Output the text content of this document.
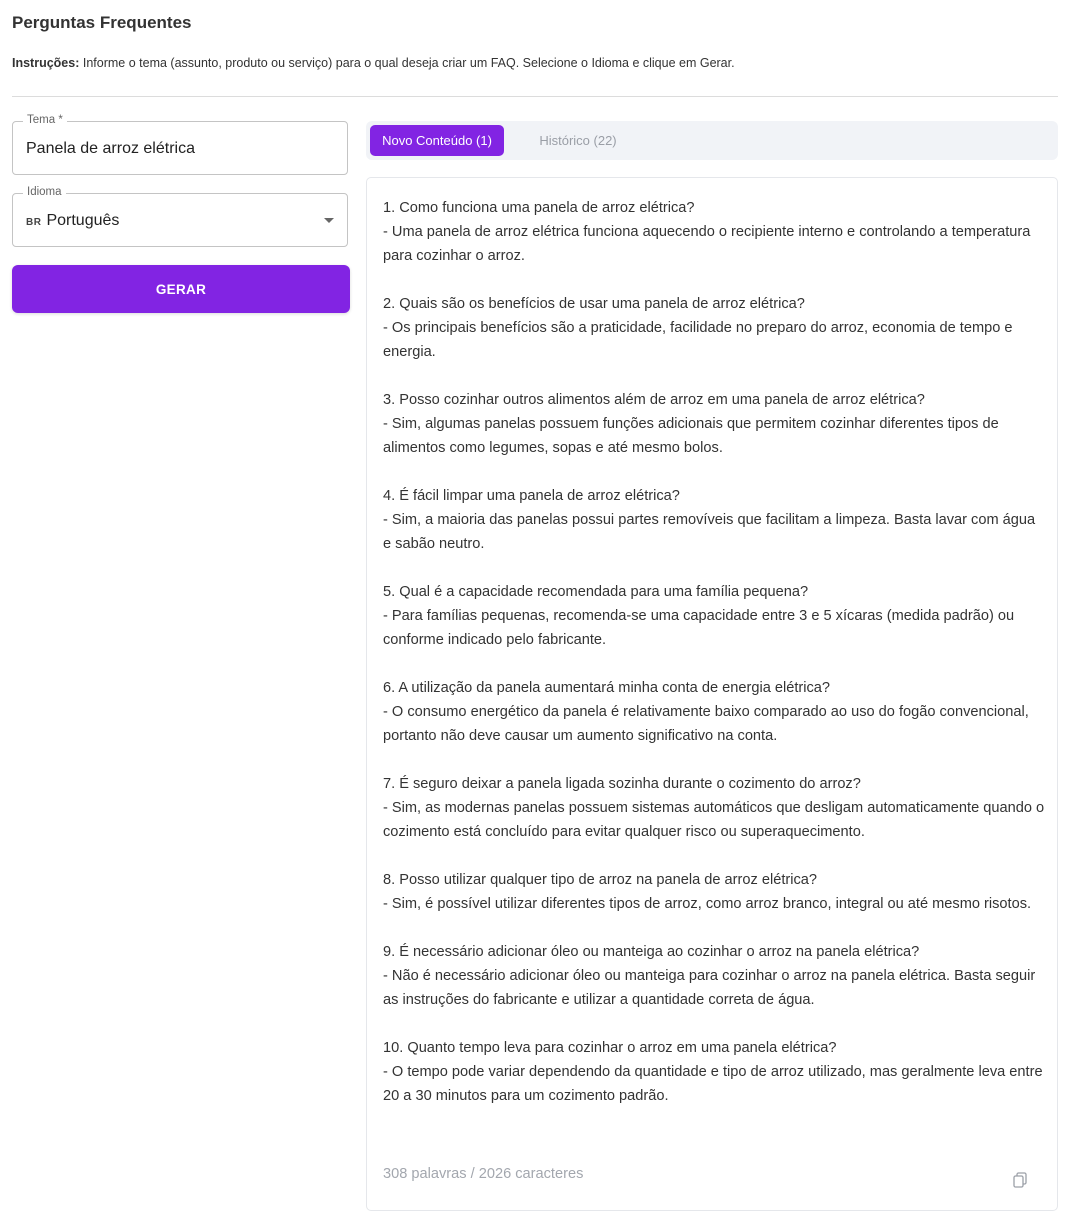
Perguntas Frequentes
Instruções: Informe o tema (assunto, produto ou serviço) para o qual deseja criar um FAQ. Selecione o Idioma e clique em Gerar.
Tema *
Panela de arroz elétrica
Idioma
BR Português
GERAR
Novo Conteúdo (1)	Histórico (22)
1. Como funciona uma panela de arroz elétrica?
- Uma panela de arroz elétrica funciona aquecendo o recipiente interno e controlando a temperatura para cozinhar o arroz.
2. Quais são os benefícios de usar uma panela de arroz elétrica?
- Os principais benefícios são a praticidade, facilidade no preparo do arroz, economia de tempo e energia.
3. Posso cozinhar outros alimentos além de arroz em uma panela de arroz elétrica?
- Sim, algumas panelas possuem funções adicionais que permitem cozinhar diferentes tipos de alimentos como legumes, sopas e até mesmo bolos.
4. É fácil limpar uma panela de arroz elétrica?
- Sim, a maioria das panelas possui partes removíveis que facilitam a limpeza. Basta lavar com água e sabão neutro.
5. Qual é a capacidade recomendada para uma família pequena?
- Para famílias pequenas, recomenda-se uma capacidade entre 3 e 5 xícaras (medida padrão) ou conforme indicado pelo fabricante.
6. A utilização da panela aumentará minha conta de energia elétrica?
- O consumo energético da panela é relativamente baixo comparado ao uso do fogão convencional, portanto não deve causar um aumento significativo na conta.
7. É seguro deixar a panela ligada sozinha durante o cozimento do arroz?
- Sim, as modernas panelas possuem sistemas automáticos que desligam automaticamente quando o cozimento está concluído para evitar qualquer risco ou superaquecimento.
8. Posso utilizar qualquer tipo de arroz na panela de arroz elétrica?
- Sim, é possível utilizar diferentes tipos de arroz, como arroz branco, integral ou até mesmo risotos.
9. É necessário adicionar óleo ou manteiga ao cozinhar o arroz na panela elétrica?
- Não é necessário adicionar óleo ou manteiga para cozinhar o arroz na panela elétrica. Basta seguir as instruções do fabricante e utilizar a quantidade correta de água.
10. Quanto tempo leva para cozinhar o arroz em uma panela elétrica?
- O tempo pode variar dependendo da quantidade e tipo de arroz utilizado, mas geralmente leva entre 20 a 30 minutos para um cozimento padrão.
308 palavras / 2026 caracteres
